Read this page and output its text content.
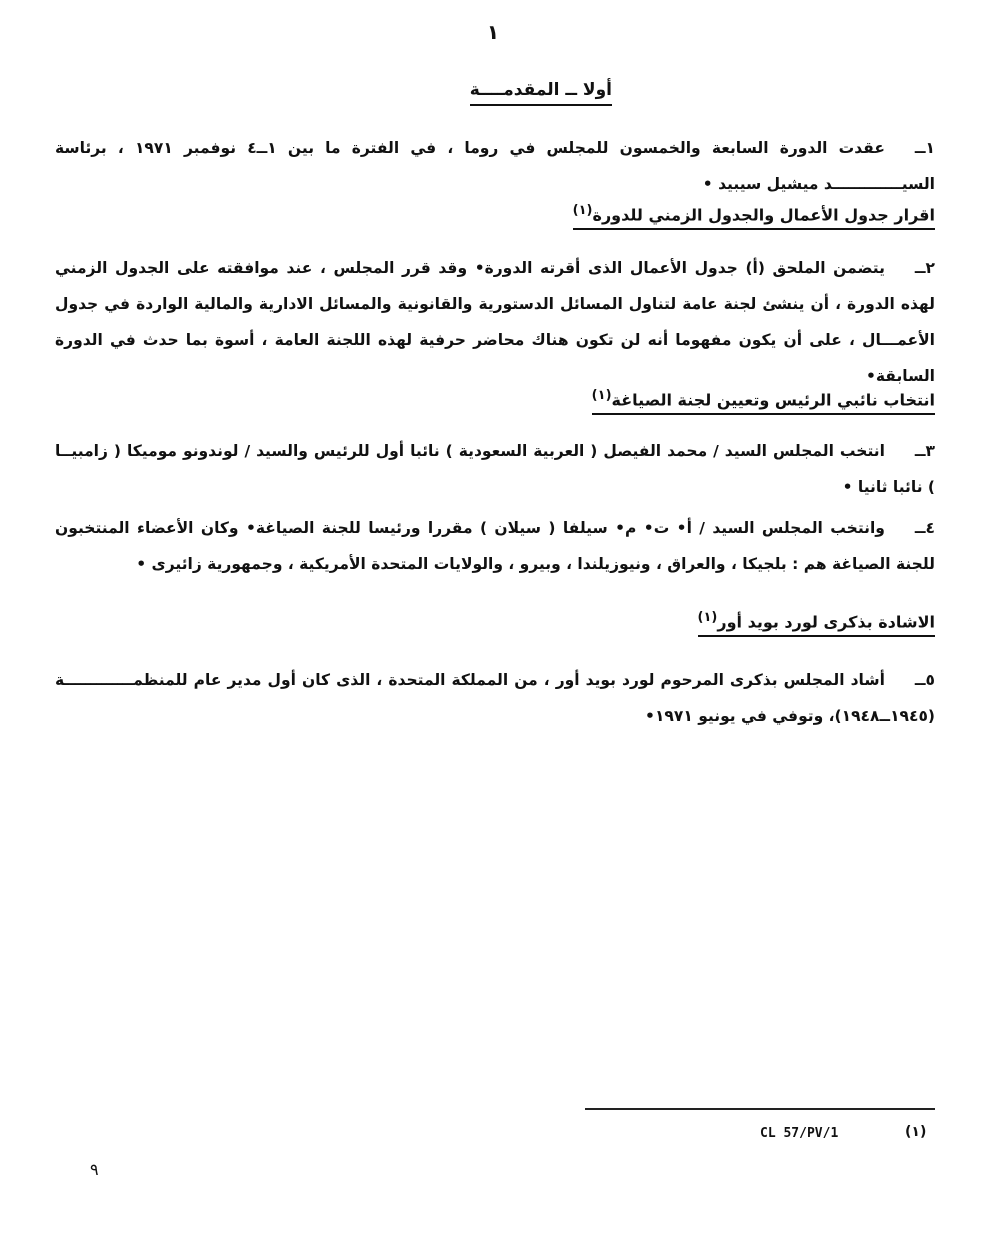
١
أولا ــ المقدمــــة
١ــعقدت الدورة السابعة والخمسون للمجلس في روما ، في الفترة ما بين ١ــ٤ نوفمبر ١٩٧١ ، برئاسة السيـــــــــــــد ميشيل سيبيد •
اقرار جدول الأعمال والجدول الزمني للدورة$^{(١)}$
٢ــيتضمن الملحق (أ) جدول الأعمال الذى أقرته الدورة• وقد قرر المجلس ، عند موافقته على الجدول الزمني لهذه الدورة ، أن ينشئ لجنة عامة لتناول المسائل الدستورية والقانونية والمسائل الادارية والمالية الواردة في جدول الأعمـــال ، على أن يكون مفهوما أنه لن تكون هناك محاضر حرفية لهذه اللجنة العامة ، أسوة بما حدث في الدورة السابقة•
انتخاب نائبي الرئيس وتعيين لجنة الصياغة$^{(١)}$
٣ــانتخب المجلس السيد / محمد الفيصل ( العربية السعودية ) نائبا أول للرئيس والسيد / لوندونو موميكا ( زامبيــا ) نائبا ثانيا •
٤ــوانتخب المجلس السيد / أ• ت• م• سيلفا ( سيلان ) مقررا ورئيسا للجنة الصياغة• وكان الأعضاء المنتخبون للجنة الصياغة هم : بلجيكا ، والعراق ، ونيوزيلندا ، وبيرو ، والولايات المتحدة الأمريكية ، وجمهورية زائيرى •
الاشادة بذكرى لورد بويد أور$^{(١)}$
٥ــأشاد المجلس بذكرى المرحوم لورد بويد أور ، من المملكة المتحدة ، الذى كان أول مدير عام للمنظمـــــــــــــة (١٩٤٥ــ١٩٤٨)، وتوفي في يونيو ١٩٧١•
CL 57/PV/1	(١)
٩
